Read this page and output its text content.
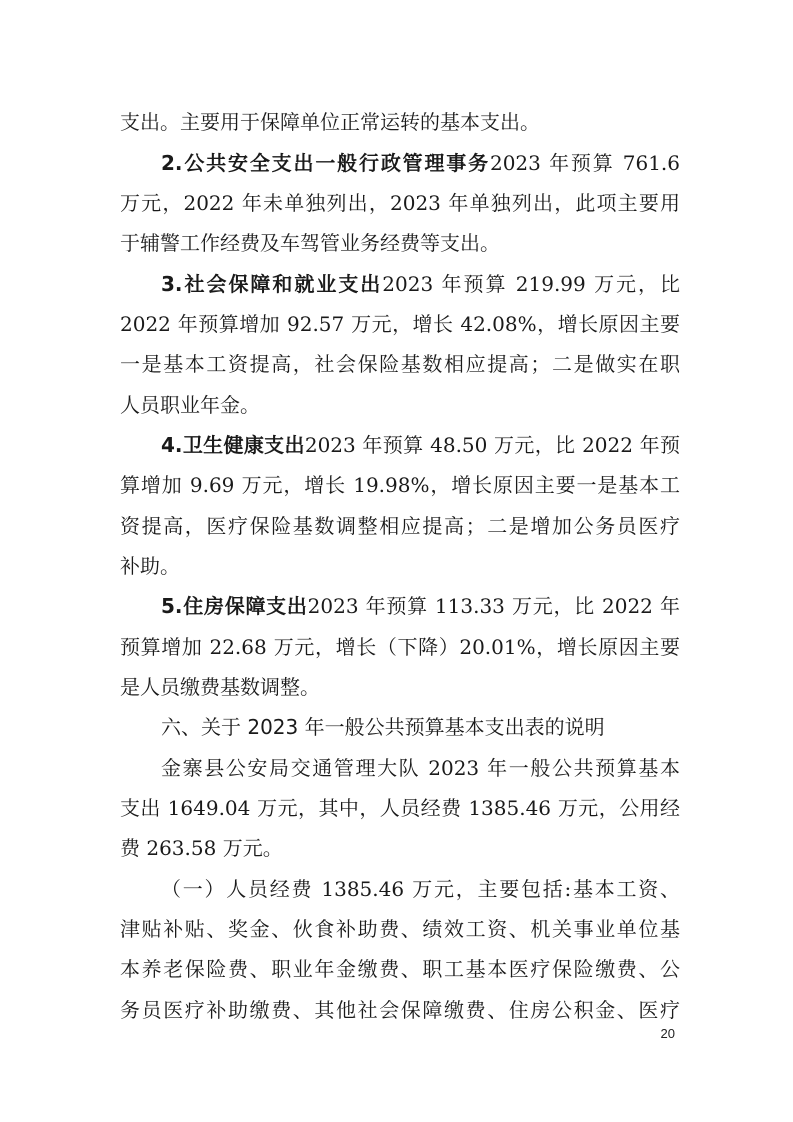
支出。主要用于保障单位正常运转的基本支出。
2.公共安全支出一般行政管理事务2023 年预算 761.6
万元，2022 年未单独列出，2023 年单独列出，此项主要用
于辅警工作经费及车驾管业务经费等支出。
3.社会保障和就业支出2023 年预算 219.99 万元，比
2022 年预算增加 92.57 万元，增长 42.08%，增长原因主要
一是基本工资提高，社会保险基数相应提高；二是做实在职
人员职业年金。
4.卫生健康支出2023 年预算 48.50 万元，比 2022 年预
算增加 9.69 万元，增长 19.98%，增长原因主要一是基本工
资提高，医疗保险基数调整相应提高；二是增加公务员医疗
补助。
5.住房保障支出2023 年预算 113.33 万元，比 2022 年
预算增加 22.68 万元，增长（下降）20.01%，增长原因主要
是人员缴费基数调整。
六、关于 2023 年一般公共预算基本支出表的说明
金寨县公安局交通管理大队 2023 年一般公共预算基本
支出 1649.04 万元，其中，人员经费 1385.46 万元，公用经
费 263.58 万元。
（一）人员经费 1385.46 万元，主要包括:基本工资、
津贴补贴、奖金、伙食补助费、绩效工资、机关事业单位基
本养老保险费、职业年金缴费、职工基本医疗保险缴费、公
务员医疗补助缴费、其他社会保障缴费、住房公积金、医疗
20
